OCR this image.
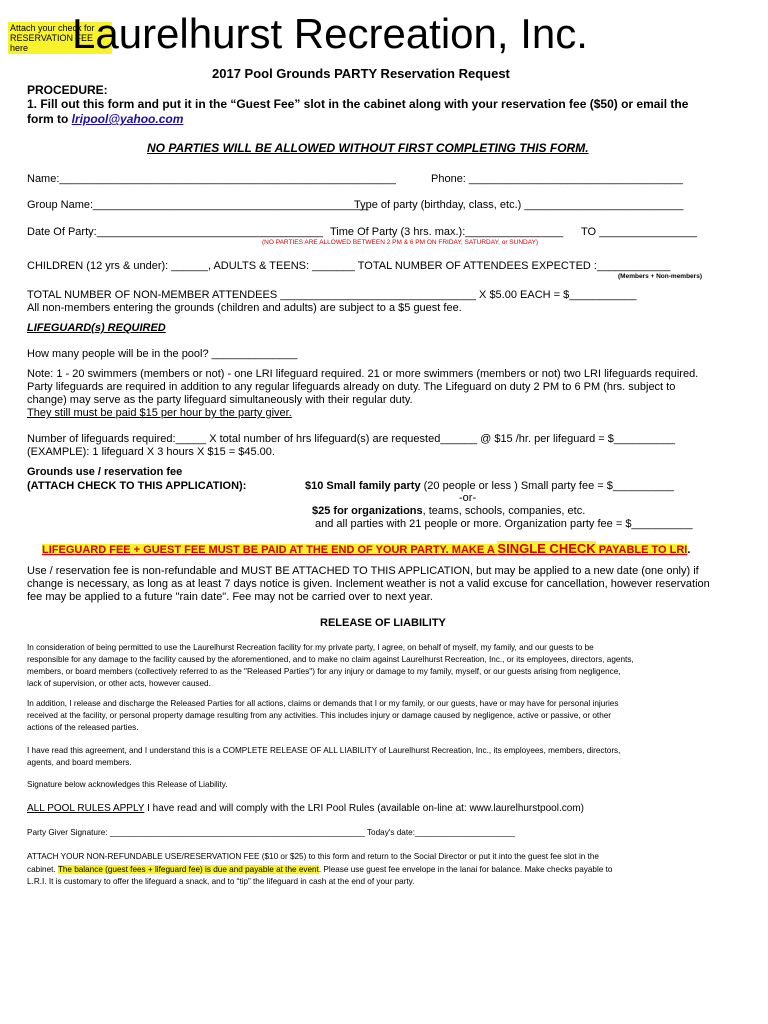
Attach your check for RESERVATION FEE here	Laurelhurst Recreation, Inc.
2017 Pool Grounds PARTY Reservation Request
PROCEDURE:
1. Fill out this form and put it in the “Guest Fee” slot in the cabinet along with your reservation fee ($50) or email the
form to lripool@yahoo.com
NO PARTIES WILL BE ALLOWED WITHOUT FIRST COMPLETING THIS FORM.
Name:_______________________________________________________	Phone: ___________________________________
Group Name:_____________________________________________
Type of party (birthday, class, etc.) __________________________
Date Of Party:_____________________________________ Time Of Party (3 hrs. max.):________________ TO ________________
(NO PARTIES ARE ALLOWED BETWEEN 2 PM & 6 PM ON FRIDAY, SATURDAY, or SUNDAY)
CHILDREN (12 yrs & under): ______, ADULTS & TEENS: _______ TOTAL NUMBER OF ATTENDEES EXPECTED :____________
(Members + Non-members)
TOTAL NUMBER OF NON-MEMBER ATTENDEES ________________________________ X $5.00 EACH = $___________
All non-members entering the grounds (children and adults) are subject to a $5 guest fee.
LIFEGUARD(s) REQUIRED
How many people will be in the pool? ______________
Note: 1 - 20 swimmers (members or not) - one LRI lifeguard required. 21 or more swimmers (members or not) two LRI lifeguards required.
Party lifeguards are required in addition to any regular lifeguards already on duty. The Lifeguard on duty 2 PM to 6 PM (hrs. subject to
change) may serve as the party lifeguard simultaneously with their regular duty.
They still must be paid $15 per hour by the party giver.
Number of lifeguards required:_____ X total number of hrs lifeguard(s) are requested______ @ $15 /hr. per lifeguard = $__________
(EXAMPLE): 1 lifeguard X 3 hours X $15 = $45.00.
Grounds use / reservation fee
(ATTACH CHECK TO THIS APPLICATION):	$10 Small family party (20 people or less ) Small party fee = $__________
-or-
$25 for organizations, teams, schools, companies, etc.
and all parties with 21 people or more. Organization party fee = $__________
LIFEGUARD FEE + GUEST FEE MUST BE PAID AT THE END OF YOUR PARTY. MAKE A SINGLE CHECK PAYABLE TO LRI.
Use / reservation fee is non-refundable and MUST BE ATTACHED TO THIS APPLICATION, but may be applied to a new date (one only) if
change is necessary, as long as at least 7 days notice is given. Inclement weather is not a valid excuse for cancellation, however reservation
fee may be applied to a future "rain date". Fee may not be carried over to next year.
RELEASE OF LIABILITY
In consideration of being permitted to use the Laurelhurst Recreation facility for my private party, I agree, on behalf of myself, my family, and our guests to be
responsible for any damage to the facility caused by the aforementioned, and to make no claim against Laurelhurst Recreation, Inc., or its employees, directors, agents,
members, or board members (collectively referred to as the "Released Parties") for any injury or damage to my family, myself, or our guests arising from negligence,
lack of supervision, or other acts, however caused.
In addition, I release and discharge the Released Parties for all actions, claims or demands that I or my family, or our guests, have or may have for personal injuries
received at the facility, or personal property damage resulting from any activities. This includes injury or damage caused by negligence, active or passive, or other
actions of the released parties.
I have read this agreement, and I understand this is a COMPLETE RELEASE OF ALL LIABILITY of Laurelhurst Recreation, Inc., its employees, members, directors,
agents, and board members.
Signature below acknowledges this Release of Liability.
ALL POOL RULES APPLY I have read and will comply with the LRI Pool Rules (available on-line at: www.laurelhurstpool.com)
Party Giver Signature: ________________________________________________________ Today's date:______________________
ATTACH YOUR NON-REFUNDABLE USE/RESERVATION FEE ($10 or $25) to this form and return to the Social Director or put it into the guest fee slot in the
cabinet. The balance (guest fees + lifeguard fee) is due and payable at the event. Please use guest fee envelope in the lanai for balance. Make checks payable to
L.R.I. It is customary to offer the lifeguard a snack, and to “tip” the lifeguard in cash at the end of your party.
